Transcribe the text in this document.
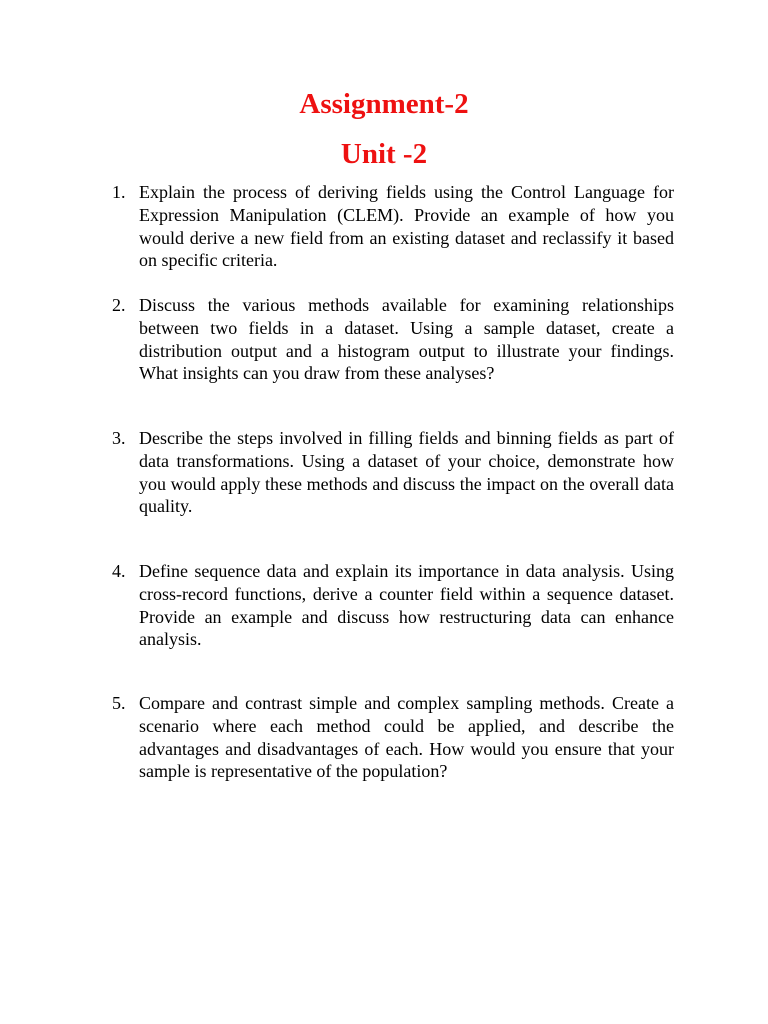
Assignment-2
Unit -2
1. Explain the process of deriving fields using the Control Language for Expression Manipulation (CLEM). Provide an example of how you would derive a new field from an existing dataset and reclassify it based on specific criteria.
2. Discuss the various methods available for examining relationships between two fields in a dataset. Using a sample dataset, create a distribution output and a histogram output to illustrate your findings. What insights can you draw from these analyses?
3. Describe the steps involved in filling fields and binning fields as part of data transformations. Using a dataset of your choice, demonstrate how you would apply these methods and discuss the impact on the overall data quality.
4. Define sequence data and explain its importance in data analysis. Using cross-record functions, derive a counter field within a sequence dataset. Provide an example and discuss how restructuring data can enhance analysis.
5. Compare and contrast simple and complex sampling methods. Create a scenario where each method could be applied, and describe the advantages and disadvantages of each. How would you ensure that your sample is representative of the population?
